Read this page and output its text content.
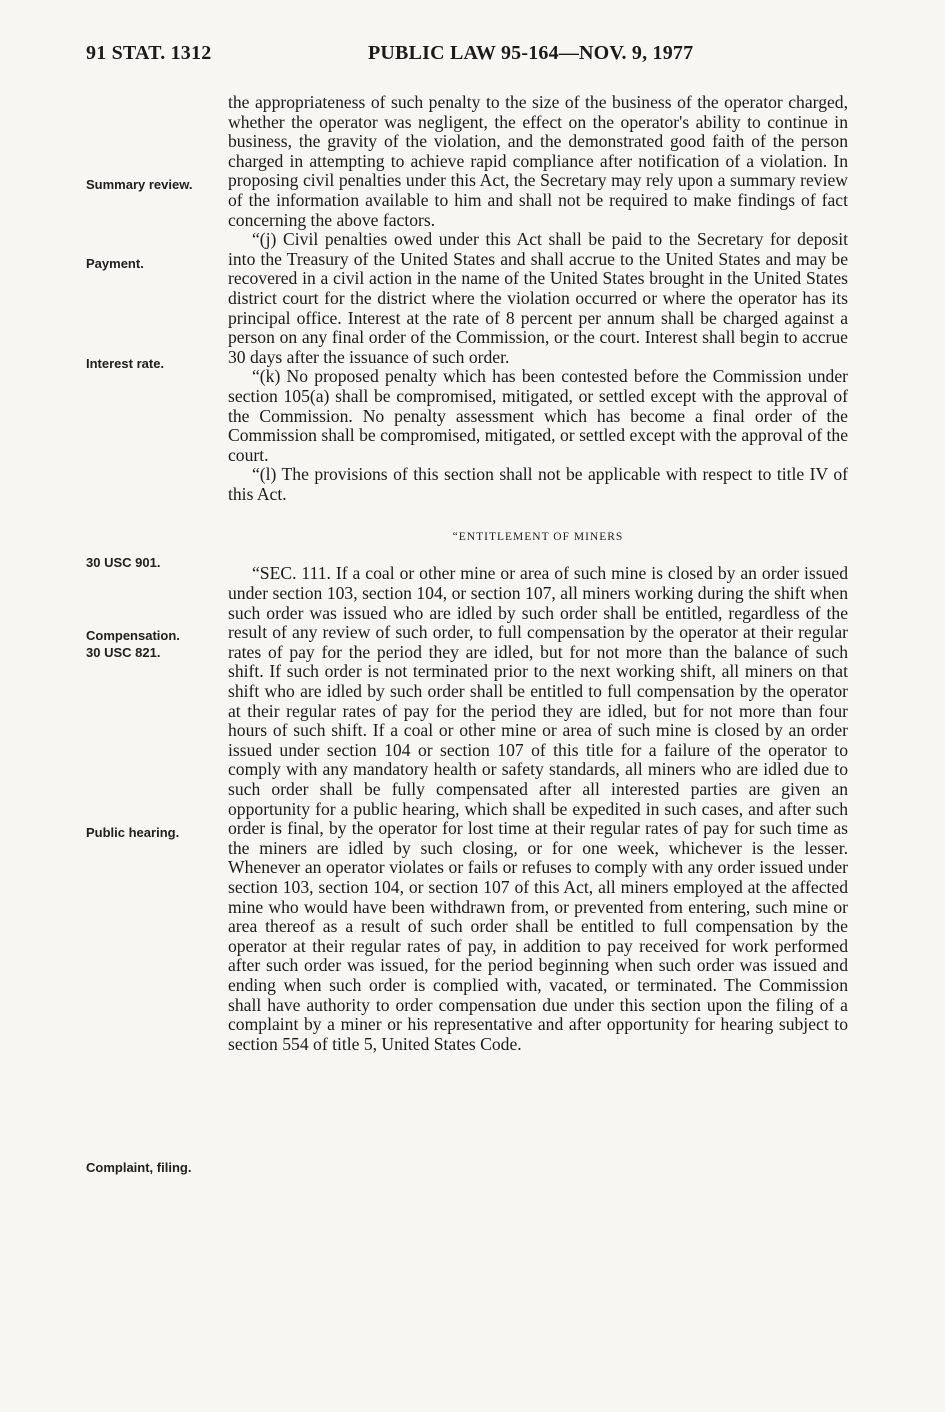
91 STAT. 1312	PUBLIC LAW 95-164—NOV. 9, 1977
Summary review.
Payment.
Interest rate.
30 USC 901.
Compensation.
30 USC 821.
Public hearing.
Complaint, filing.

the appropriateness of such penalty to the size of the business of the operator charged, whether the operator was negligent, the effect on the operator's ability to continue in business, the gravity of the violation, and the demonstrated good faith of the person charged in attempting to achieve rapid compliance after notification of a violation. In proposing civil penalties under this Act, the Secretary may rely upon a summary review of the information available to him and shall not be required to make findings of fact concerning the above factors.

“(j) Civil penalties owed under this Act shall be paid to the Secretary for deposit into the Treasury of the United States and shall accrue to the United States and may be recovered in a civil action in the name of the United States brought in the United States district court for the district where the violation occurred or where the operator has its principal office. Interest at the rate of 8 percent per annum shall be charged against a person on any final order of the Commission, or the court. Interest shall begin to accrue 30 days after the issuance of such order.

“(k) No proposed penalty which has been contested before the Commission under section 105(a) shall be compromised, mitigated, or settled except with the approval of the Commission. No penalty assessment which has become a final order of the Commission shall be compromised, mitigated, or settled except with the approval of the court.

“(l) The provisions of this section shall not be applicable with respect to title IV of this Act.

“ENTITLEMENT OF MINERS

“SEC. 111. If a coal or other mine or area of such mine is closed by an order issued under section 103, section 104, or section 107, all miners working during the shift when such order was issued who are idled by such order shall be entitled, regardless of the result of any review of such order, to full compensation by the operator at their regular rates of pay for the period they are idled, but for not more than the balance of such shift. If such order is not terminated prior to the next working shift, all miners on that shift who are idled by such order shall be entitled to full compensation by the operator at their regular rates of pay for the period they are idled, but for not more than four hours of such shift. If a coal or other mine or area of such mine is closed by an order issued under section 104 or section 107 of this title for a failure of the operator to comply with any mandatory health or safety standards, all miners who are idled due to such order shall be fully compensated after all interested parties are given an opportunity for a public hearing, which shall be expedited in such cases, and after such order is final, by the operator for lost time at their regular rates of pay for such time as the miners are idled by such closing, or for one week, whichever is the lesser. Whenever an operator violates or fails or refuses to comply with any order issued under section 103, section 104, or section 107 of this Act, all miners employed at the affected mine who would have been withdrawn from, or prevented from entering, such mine or area thereof as a result of such order shall be entitled to full compensation by the operator at their regular rates of pay, in addition to pay received for work performed after such order was issued, for the period beginning when such order was issued and ending when such order is complied with, vacated, or terminated. The Commission shall have authority to order compensation due under this section upon the filing of a complaint by a miner or his representative and after opportunity for hearing subject to section 554 of title 5, United States Code.
